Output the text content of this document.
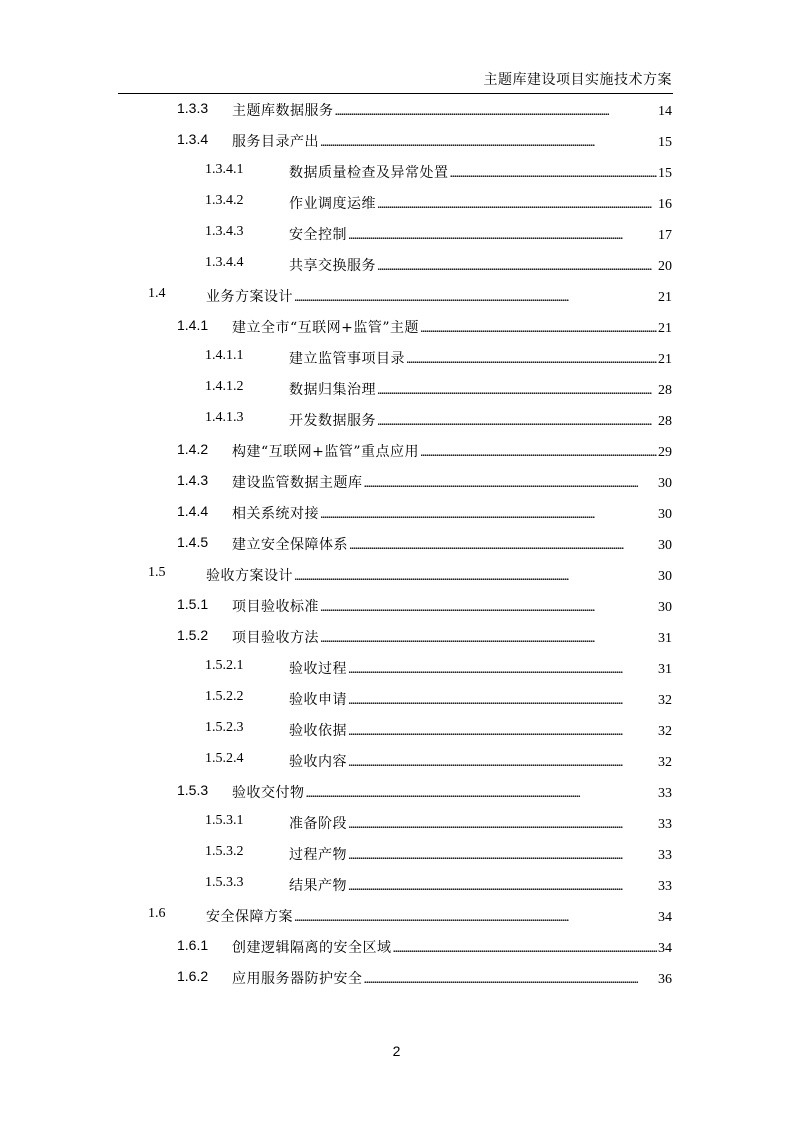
主题库建设项目实施技术方案
1.3.3 主题库数据服务 . . .	14
1.3.4 服务目录产出 . . .	15
1.3.4.1	数据质量检查及异常处置 . . .	15
1.3.4.2	作业调度运维 . . .	16
1.3.4.3	安全控制 . . .	17
1.3.4.4	共享交换服务 . . .	20
1.4	业务方案设计 . . .	21
1.4.1 建立全市“互联网+监管”主题 . . .	21
1.4.1.1	建立监管事项目录 . . .	21
1.4.1.2	数据归集治理 . . .	28
1.4.1.3	开发数据服务 . . .	28
1.4.2 构建“互联网+监管”重点应用 . . .	29
1.4.3 建设监管数据主题库 . . .	30
1.4.4 相关系统对接 . . .	30
1.4.5 建立安全保障体系 . . .	30
1.5	验收方案设计 . . .	30
1.5.1 项目验收标准 . . .	30
1.5.2 项目验收方法 . . .	31
1.5.2.1	验收过程 . . .	31
1.5.2.2	验收申请 . . .	32
1.5.2.3	验收依据 . . .	32
1.5.2.4	验收内容 . . .	32
1.5.3 验收交付物 . . .	33
1.5.3.1	准备阶段 . . .	33
1.5.3.2	过程产物 . . .	33
1.5.3.3	结果产物 . . .	33
1.6	安全保障方案 . . .	34
1.6.1 创建逻辑隔离的安全区域 . . .	34
1.6.2 应用服务器防护安全 . . .	36
2
